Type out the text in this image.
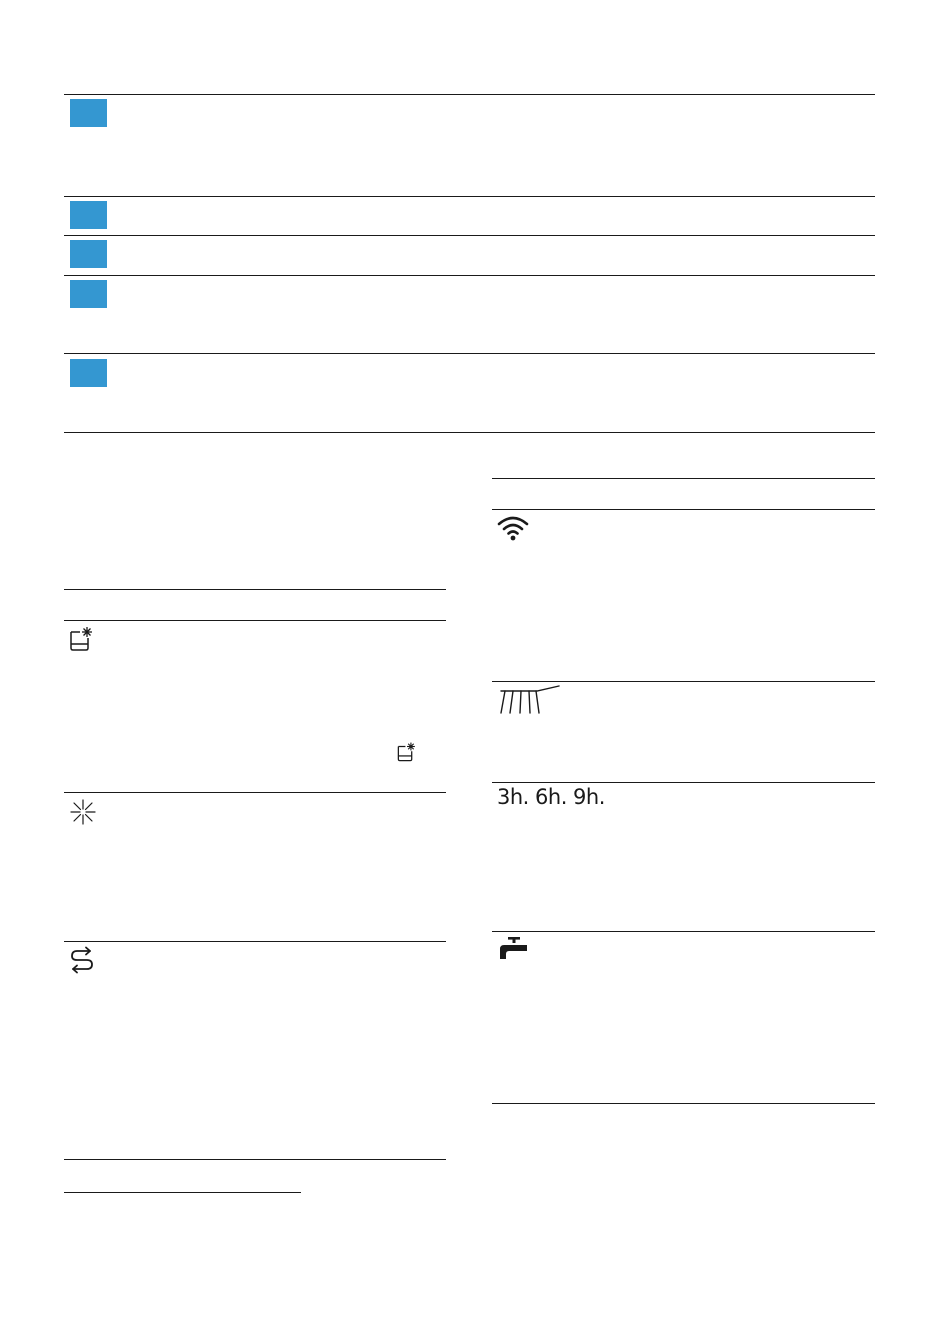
3h. 6h. 9h.
